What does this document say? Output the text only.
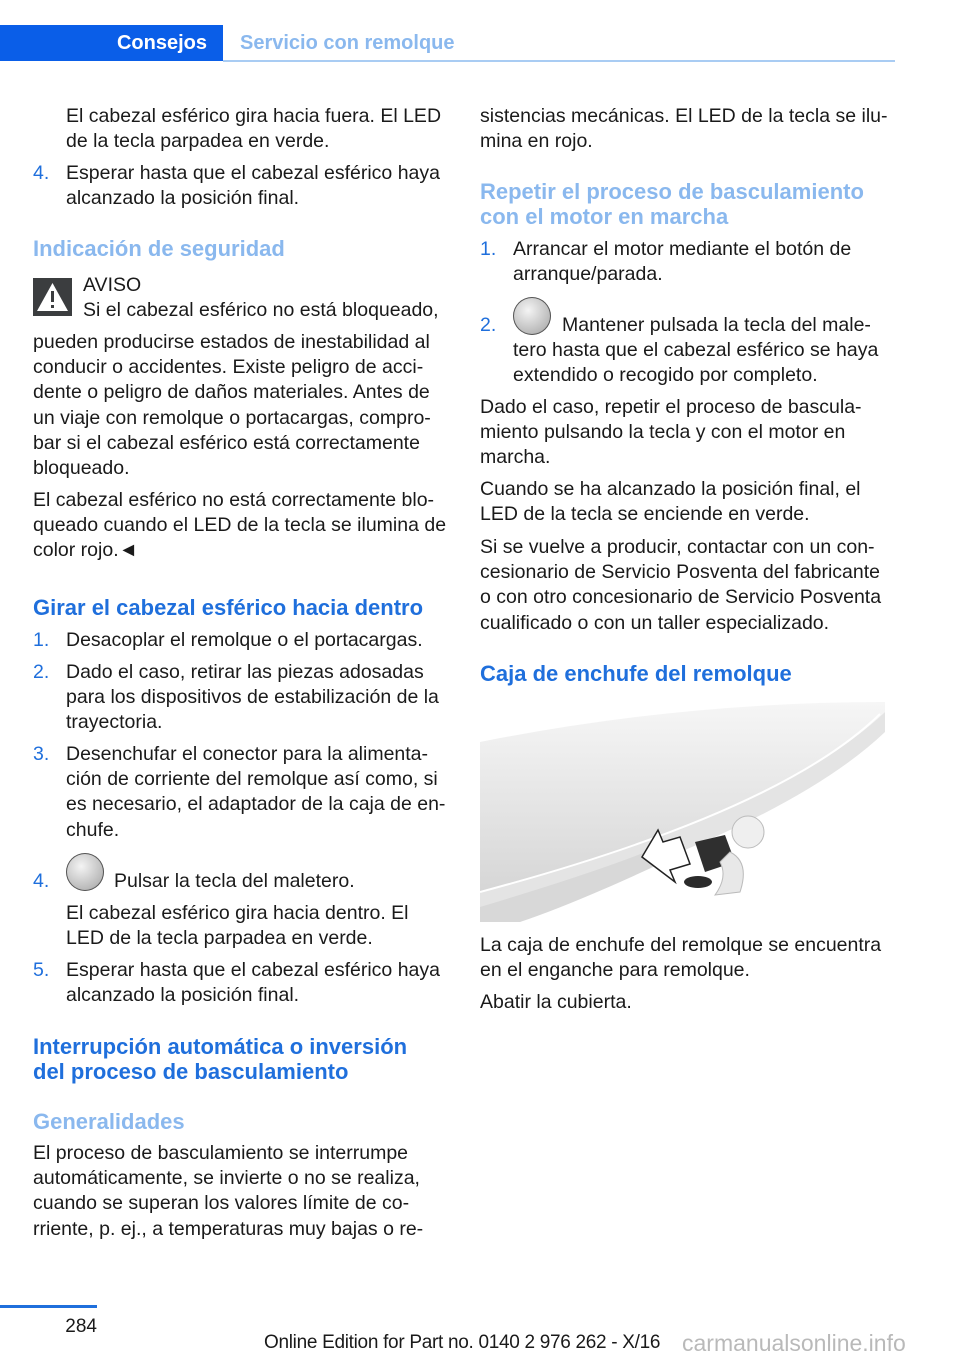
Consejos	Servicio con remolque
El cabezal esférico gira hacia fuera. El LED
de la tecla parpadea en verde.
4. Esperar hasta que el cabezal esférico haya
alcanzado la posición final.
Indicación de seguridad
AVISO
Si el cabezal esférico no está bloqueado,
pueden producirse estados de inestabilidad al
conducir o accidentes. Existe peligro de acci-
dente o peligro de daños materiales. Antes de
un viaje con remolque o portacargas, compro-
bar si el cabezal esférico está correctamente
bloqueado.
El cabezal esférico no está correctamente blo-
queado cuando el LED de la tecla se ilumina de
color rojo.◄
Girar el cabezal esférico hacia dentro
1. Desacoplar el remolque o el portacargas.
2. Dado el caso, retirar las piezas adosadas
para los dispositivos de estabilización de la
trayectoria.
3. Desenchufar el conector para la alimenta-
ción de corriente del remolque así como, si
es necesario, el adaptador de la caja de en-
chufe.
4.	Pulsar la tecla del maletero.
El cabezal esférico gira hacia dentro. El
LED de la tecla parpadea en verde.
5. Esperar hasta que el cabezal esférico haya
alcanzado la posición final.
Interrupción automática o inversión
del proceso de basculamiento
Generalidades
El proceso de basculamiento se interrumpe
automáticamente, se invierte o no se realiza,
cuando se superan los valores límite de co-
rriente, p. ej., a temperaturas muy bajas o re-
sistencias mecánicas. El LED de la tecla se ilu-
mina en rojo.
Repetir el proceso de basculamiento
con el motor en marcha
1. Arrancar el motor mediante el botón de
arranque/parada.
2.	Mantener pulsada la tecla del male-
tero hasta que el cabezal esférico se haya
extendido o recogido por completo.
Dado el caso, repetir el proceso de bascula-
miento pulsando la tecla y con el motor en
marcha.
Cuando se ha alcanzado la posición final, el
LED de la tecla se enciende en verde.
Si se vuelve a producir, contactar con un con-
cesionario de Servicio Posventa del fabricante
o con otro concesionario de Servicio Posventa
cualificado o con un taller especializado.
Caja de enchufe del remolque
La caja de enchufe del remolque se encuentra
en el enganche para remolque.
Abatir la cubierta.
284
Online Edition for Part no. 0140 2 976 262 - X/16 carmanualsonline.info
